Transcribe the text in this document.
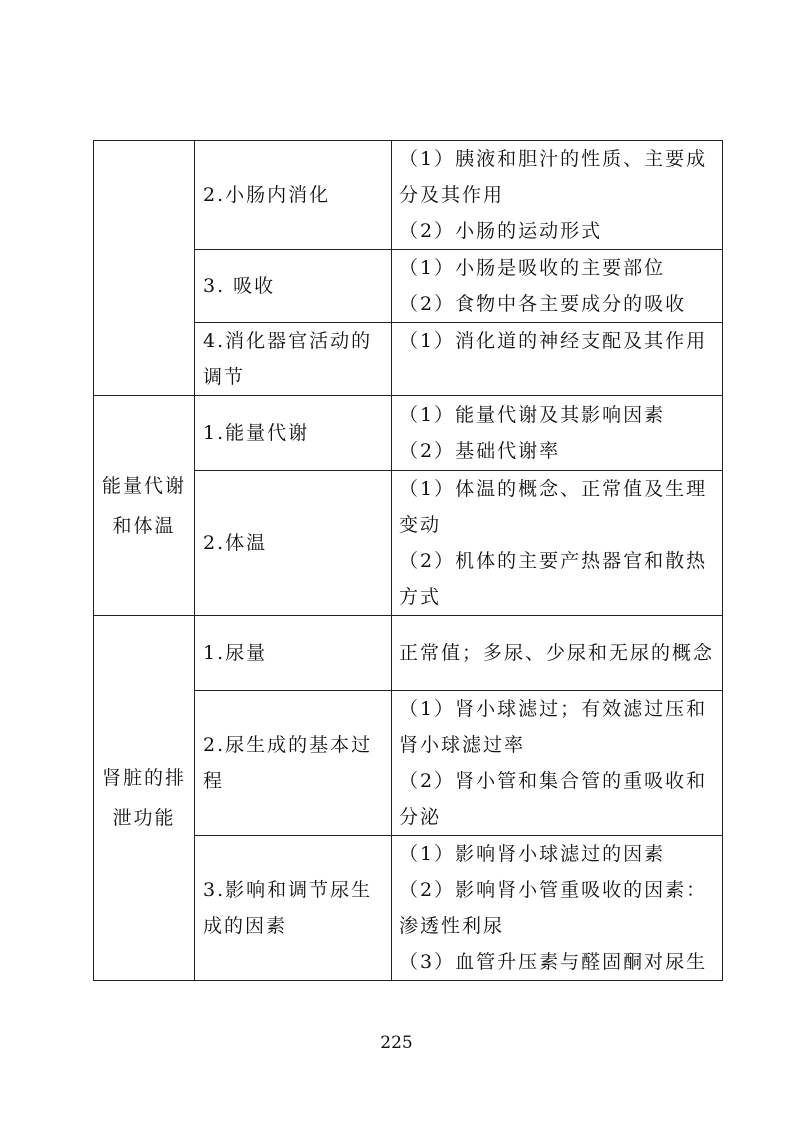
	2.小肠内消化	（1）胰液和胆汁的性质、主要成分及其作用
（2）小肠的运动形式

	3. 吸收	（1）小肠是吸收的主要部位
（2）食物中各主要成分的吸收

	4.消化器官活动的调节	（1）消化道的神经支配及其作用

能量代谢和体温	1.能量代谢	（1）能量代谢及其影响因素
（2）基础代谢率

	2.体温	（1）体温的概念、正常值及生理变动
（2）机体的主要产热器官和散热方式

肾脏的排泄功能	1.尿量	正常值；多尿、少尿和无尿的概念

	2.尿生成的基本过程	（1）肾小球滤过；有效滤过压和肾小球滤过率
（2）肾小管和集合管的重吸收和分泌

	3.影响和调节尿生成的因素	（1）影响肾小球滤过的因素
（2）影响肾小管重吸收的因素：渗透性利尿
（3）血管升压素与醛固酮对尿生
225
